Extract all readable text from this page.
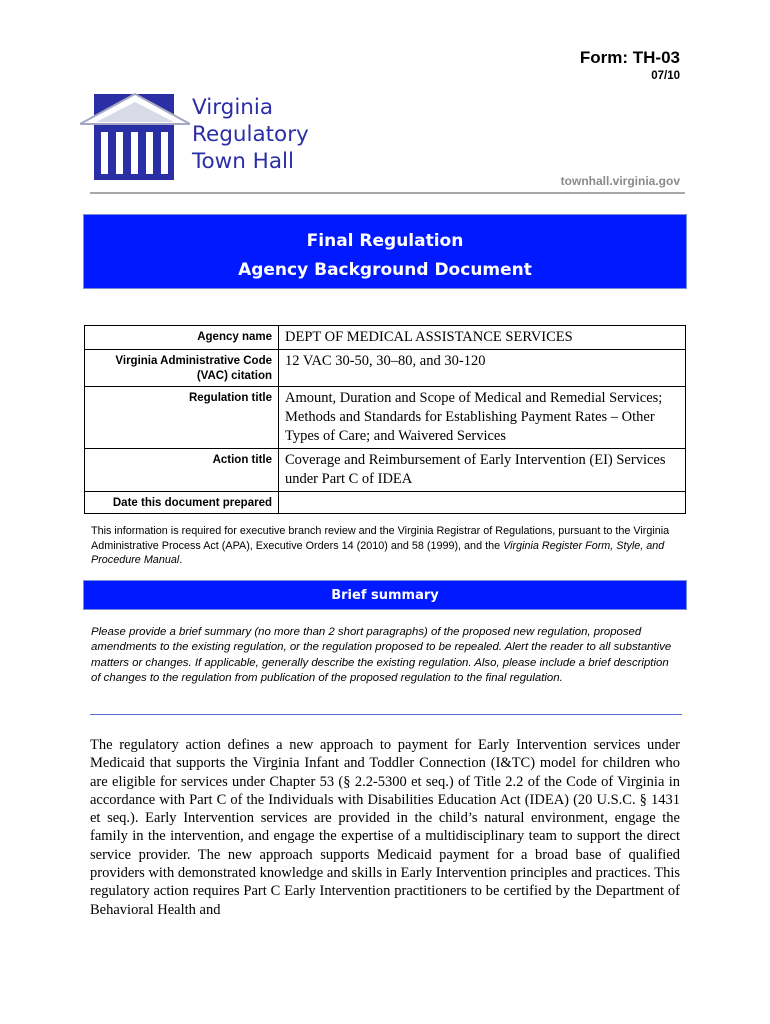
Form: TH-03
07/10
Virginia
Regulatory
Town Hall
townhall.virginia.gov
Final Regulation
Agency Background Document
Agency name	DEPT OF MEDICAL ASSISTANCE SERVICES

Virginia Administrative Code
(VAC) citation	12 VAC 30-50, 30–80, and 30-120
Regulation title	Amount, Duration and Scope of Medical and Remedial Services; Methods and Standards for Establishing Payment Rates – Other Types of Care; and Waivered Services
Action title	Coverage and Reimbursement of Early Intervention (EI) Services under Part C of IDEA
Date this document prepared	
This information is required for executive branch review and the Virginia Registrar of Regulations, pursuant to the Virginia Administrative Process Act (APA), Executive Orders 14 (2010) and 58 (1999), and the Virginia Register Form, Style, and Procedure Manual.
Brief summary
Please provide a brief summary (no more than 2 short paragraphs) of the proposed new regulation, proposed amendments to the existing regulation, or the regulation proposed to be repealed. Alert the reader to all substantive matters or changes. If applicable, generally describe the existing regulation. Also, please include a brief description of changes to the regulation from publication of the proposed regulation to the final regulation.
The regulatory action defines a new approach to payment for Early Intervention services under Medicaid that supports the Virginia Infant and Toddler Connection (I&TC) model for children who are eligible for services under Chapter 53 (§ 2.2-5300 et seq.) of Title 2.2 of the Code of Virginia in accordance with Part C of the Individuals with Disabilities Education Act (IDEA) (20 U.S.C. § 1431 et seq.). Early Intervention services are provided in the child’s natural environment, engage the family in the intervention, and engage the expertise of a multidisciplinary team to support the direct service provider. The new approach supports Medicaid payment for a broad base of qualified providers with demonstrated knowledge and skills in Early Intervention principles and practices. This regulatory action requires Part C Early Intervention practitioners to be certified by the Department of Behavioral Health and
